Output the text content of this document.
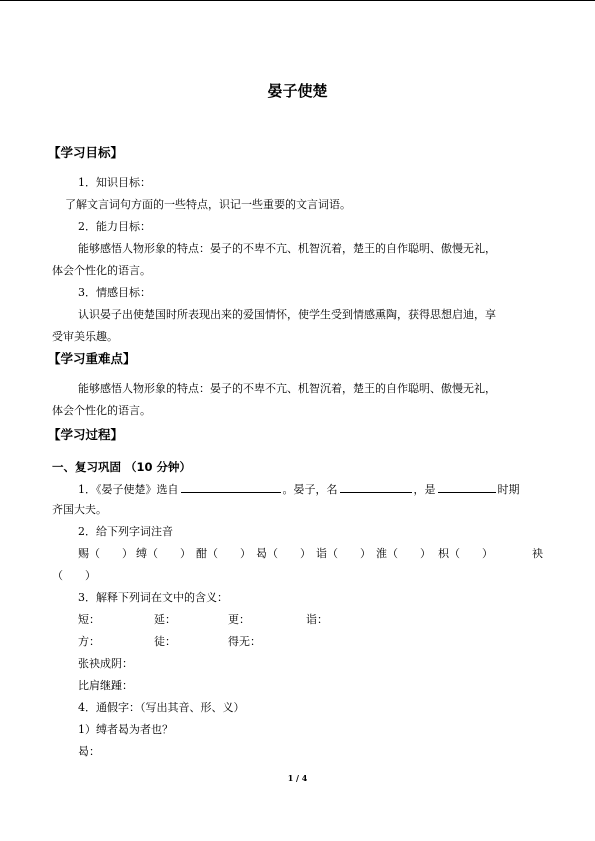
晏子使楚
【学习目标】
1．知识目标：
了解文言词句方面的一些特点，识记一些重要的文言词语。
2．能力目标：
能够感悟人物形象的特点：晏子的不卑不亢、机智沉着，楚王的自作聪明、傲慢无礼，
体会个性化的语言。
3．情感目标：
认识晏子出使楚国时所表现出来的爱国情怀，使学生受到情感熏陶，获得思想启迪，享
受审美乐趣。
【学习重难点】
能够感悟人物形象的特点：晏子的不卑不亢、机智沉着，楚王的自作聪明、傲慢无礼，
体会个性化的语言。
【学习过程】
一、复习巩固 （10 分钟）
1．《晏子使楚》选自	。晏子，名	，是	时期
齐国大夫。
2．给下列字词注音
赐（ ） 缚（ ） 酣（ ） 曷（ ） 诣（ ） 淮（ ） 枳（ ）	袂
（ ）
3．解释下列词在文中的含义：
短：	延：	更：	诣：
方：	徒：	得无：
张袂成阴：
比肩继踵：
4．通假字：（写出其音、形、义）
1）缚者曷为者也？
曷：
1 / 4
